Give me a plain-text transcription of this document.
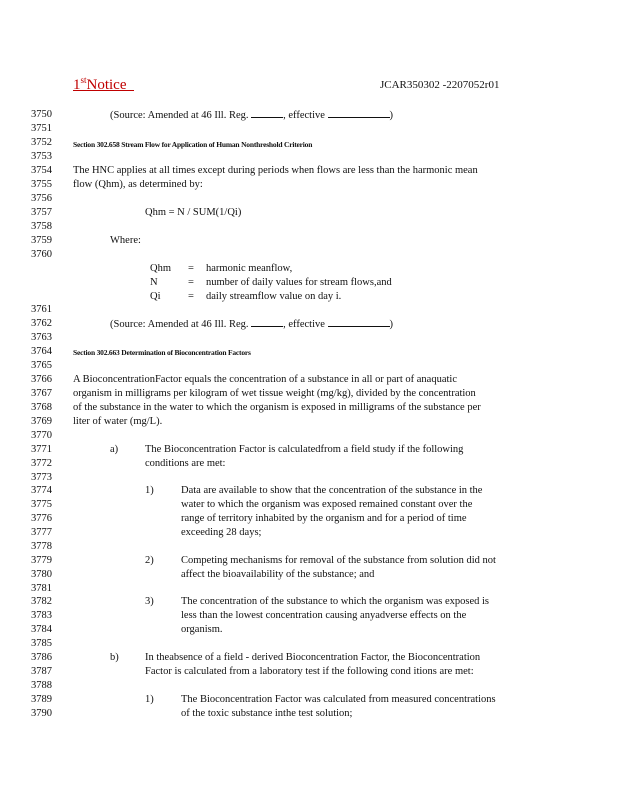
1stNotice	JCAR350302 -2207052r01
3750
3751
3752
3753
3754
3755
3756
3757
3758
3759
3760
3761
3762
3763
3764
3765
3766
3767
3768
3769
3770
3771
3772
3773
3774
3775
3776
3777
3778
3779
3780
3781
3782
3783
3784
3785
3786
3787
3788
3789
3790
(Source: Amended at 46 Ill. Reg.	, effective	)
Section 302.658 Stream Flow for Application of Human Nonthreshold Criterion
The HNC applies at all times except during periods when flows are less than the harmonic mean
flow (Qhm), as determined by:
Qhm = N / SUM(1/Qi)
Where:
Qhm = harmonic meanflow,
N	= number of daily values for stream flows,and
Qi	= daily streamflow value on day i.
(Source: Amended at 46 Ill. Reg.	, effective	)
Section 302.663 Determination of Bioconcentration Factors
A BioconcentrationFactor equals the concentration of a substance in all or part of anaquatic
organism in milligrams per kilogram of wet tissue weight (mg/kg), divided by the concentration
of the substance in the water to which the organism is exposed in milligrams of the substance per
liter of water (mg/L).
a)	The Bioconcentration Factor is calculatedfrom a field study if the following
conditions are met:
1)	Data are available to show that the concentration of the substance in the
water to which the organism was exposed remained constant over the
range of territory inhabited by the organism and for a period of time
exceeding 28 days;
2)	Competing mechanisms for removal of the substance from solution did not
affect the bioavailability of the substance; and
3)	The concentration of the substance to which the organism was exposed is
less than the lowest concentration causing anyadverse effects on the
organism.
b)	In theabsence of a field - derived Bioconcentration Factor, the Bioconcentration
Factor is calculated from a laboratory test if the following cond itions are met:
1)	The Bioconcentration Factor was calculated from measured concentrations
of the toxic substance inthe test solution;
